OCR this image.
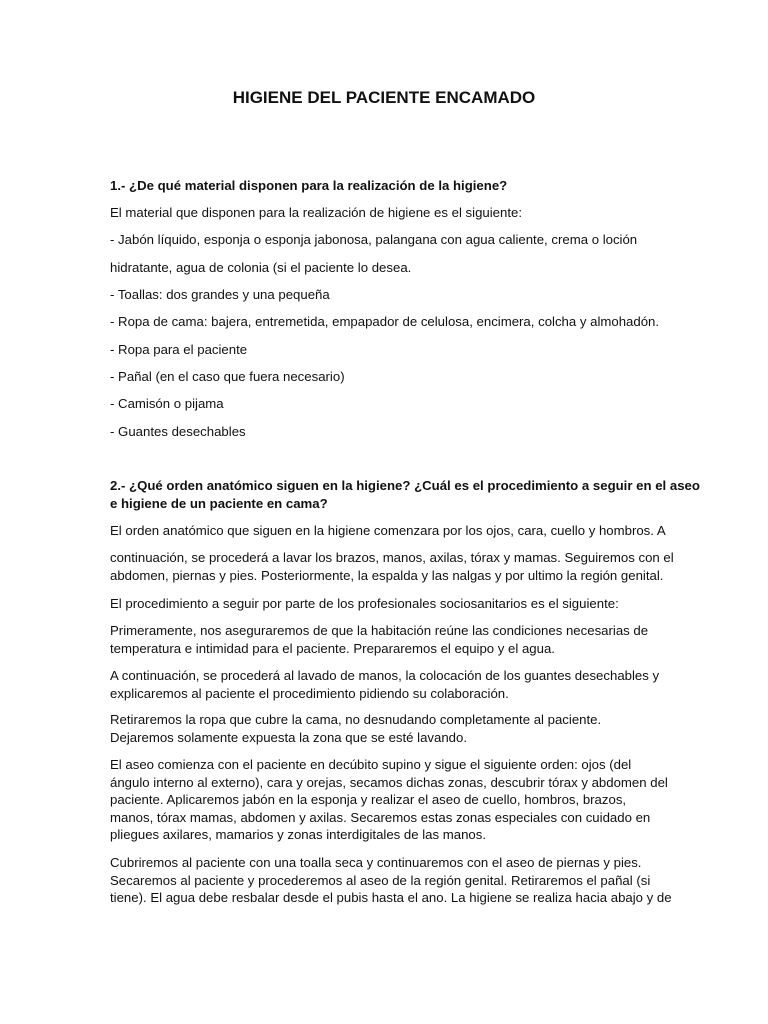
HIGIENE DEL PACIENTE ENCAMADO
1.- ¿De qué material disponen para la realización de la higiene?
El material que disponen para la realización de higiene es el siguiente:
- Jabón líquido, esponja o esponja jabonosa, palangana con agua caliente, crema o loción
hidratante, agua de colonia (si el paciente lo desea.
- Toallas: dos grandes y una pequeña
- Ropa de cama: bajera, entremetida, empapador de celulosa, encimera, colcha y almohadón.
- Ropa para el paciente
- Pañal (en el caso que fuera necesario)
- Camisón o pijama
- Guantes desechables
2.- ¿Qué orden anatómico siguen en la higiene? ¿Cuál es el procedimiento a seguir en el aseo
e higiene de un paciente en cama?
El orden anatómico que siguen en la higiene comenzara por los ojos, cara, cuello y hombros. A
continuación, se procederá a lavar los brazos, manos, axilas, tórax y mamas. Seguiremos con el
abdomen, piernas y pies. Posteriormente, la espalda y las nalgas y por ultimo la región genital.
El procedimiento a seguir por parte de los profesionales sociosanitarios es el siguiente:
Primeramente, nos aseguraremos de que la habitación reúne las condiciones necesarias de
temperatura e intimidad para el paciente. Prepararemos el equipo y el agua.
A continuación, se procederá al lavado de manos, la colocación de los guantes desechables y
explicaremos al paciente el procedimiento pidiendo su colaboración.
Retiraremos la ropa que cubre la cama, no desnudando completamente al paciente.
Dejaremos solamente expuesta la zona que se esté lavando.
El aseo comienza con el paciente en decúbito supino y sigue el siguiente orden: ojos (del
ángulo interno al externo), cara y orejas, secamos dichas zonas, descubrir tórax y abdomen del
paciente. Aplicaremos jabón en la esponja y realizar el aseo de cuello, hombros, brazos,
manos, tórax mamas, abdomen y axilas. Secaremos estas zonas especiales con cuidado en
pliegues axilares, mamarios y zonas interdigitales de las manos.
Cubriremos al paciente con una toalla seca y continuaremos con el aseo de piernas y pies.
Secaremos al paciente y procederemos al aseo de la región genital. Retiraremos el pañal (si
tiene). El agua debe resbalar desde el pubis hasta el ano. La higiene se realiza hacia abajo y de
